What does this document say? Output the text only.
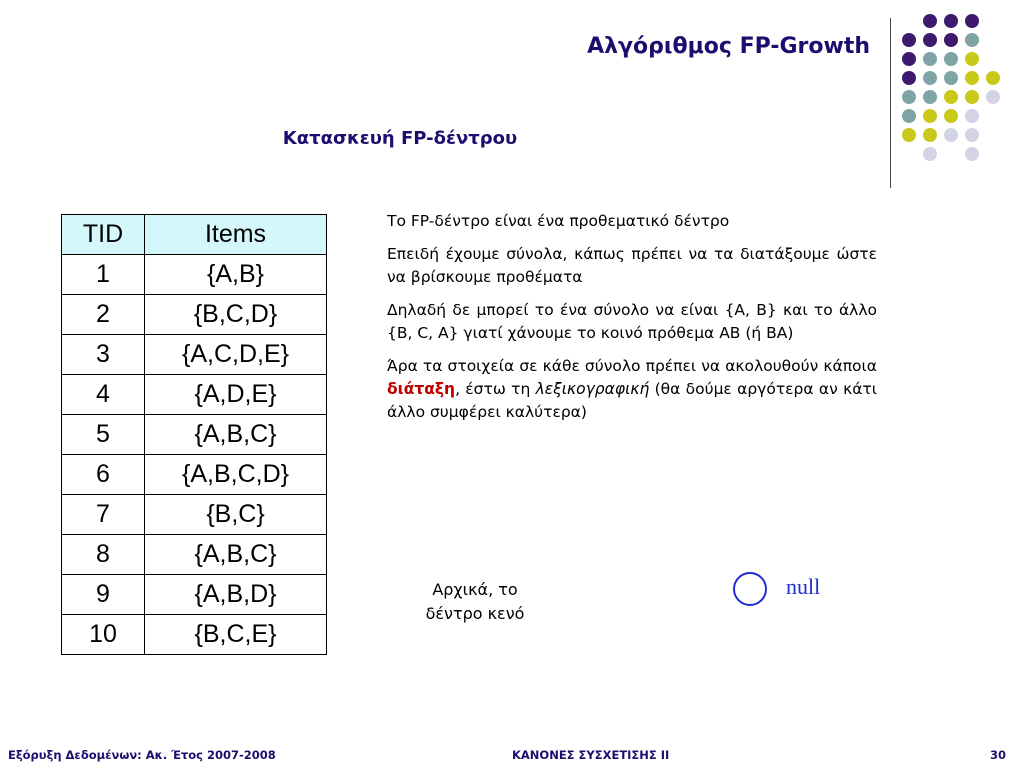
Αλγόριθμος FP-Growth
Κατασκευή FP-δέντρου
TID	Items
1	{A,B}
2	{B,C,D}
3	{A,C,D,E}
4	{A,D,E}
5	{A,B,C}
6	{A,B,C,D}
7	{B,C}
8	{A,B,C}
9	{A,B,D}
10	{B,C,E}

Το FP-δέντρο είναι ένα προθεματικό δέντρο

Επειδή έχουμε σύνολα, κάπως πρέπει να τα διατάξουμε ώστε να βρίσκουμε προθέματα

Δηλαδή δε μπορεί το ένα σύνολο να είναι {A, B} και το άλλο {B, C, A} γιατί χάνουμε το κοινό πρόθεμα AB (ή BA)

Άρα τα στοιχεία σε κάθε σύνολο πρέπει να ακολουθούν κάποια διάταξη, έστω τη λεξικογραφική (θα δούμε αργότερα αν κάτι άλλο συμφέρει καλύτερα)

Αρχικά, το
δέντρο κενό
null
Εξόρυξη Δεδομένων: Ακ. Έτος 2007-2008	ΚΑΝΟΝΕΣ ΣΥΣΧΕΤΙΣΗΣ II	30
